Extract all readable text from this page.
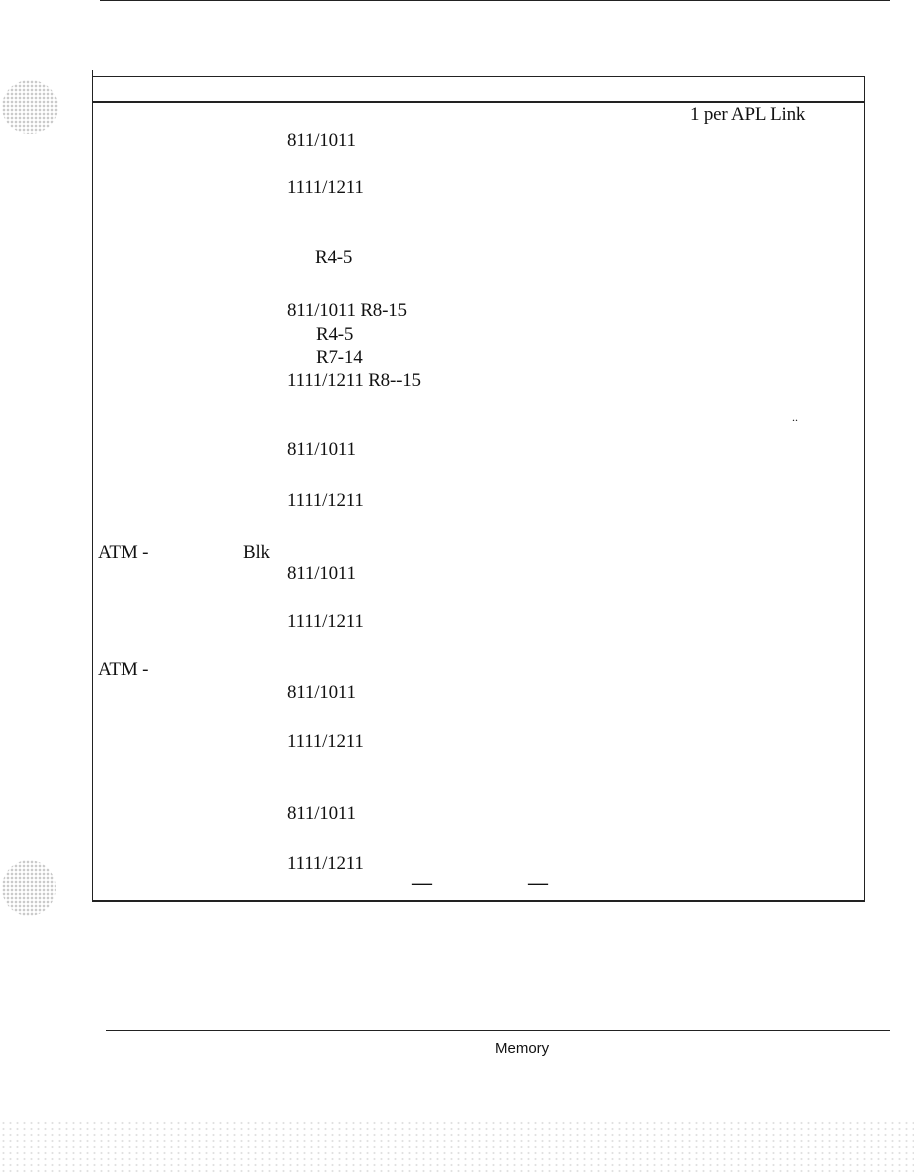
1 per APL Link
811/1011
1111/1211
R4-5
811/1011 R8-15
R4-5
R7-14
1111/1211 R8--15
811/1011
1111/1211
ATM -	Blk
811/1011
1111/1211
ATM -
811/1011
1111/1211
811/1011
1111/1211
..
—	—
Memory
